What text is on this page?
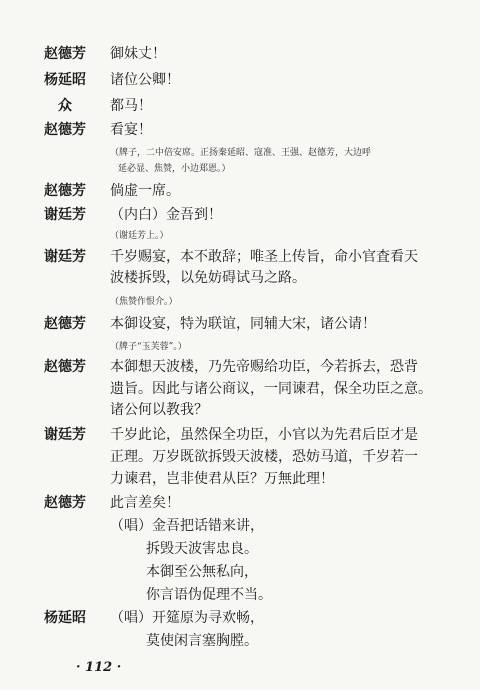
赵德芳 御妹丈！
杨延昭 诸位公卿！
众	都马！
赵德芳 看宴！
（牌子，二中倍安席。正扬秦延昭、寇准、王强、赵德芳，大边呼
延必显、焦赞，小边郑恩。）
赵德芳 倘虚一席。
谢廷芳 （内白）金吾到！
（谢廷芳上。）
谢廷芳 千岁赐宴，本不敢辞；唯圣上传旨，命小官査看天
波楼拆毁，以免妨碍试马之路。
（焦赞作恨介。）
赵德芳 本御设宴，特为联谊，同辅大宋，诸公请！
（牌子“玉芙蓉”。）
赵德芳 本御想天波楼，乃先帝赐给功臣，今若拆去，恐背
遗旨。因此与诸公商议，一同谏君，保全功臣之意。
诸公何以教我？
谢廷芳 千岁此论，虽然保全功臣，小官以为先君后臣才是
正理。万岁既欲拆毁天波楼，恐妨马道，千岁若一
力谏君，岂非使君从臣？万無此理！
赵德芳 此言差矣！
（唱）金吾把话错来讲，
拆毁天波害忠良。
本御至公無私向，
你言语伪促理不当。
杨延昭 （唱）开筵原为寻欢畅，
莫使闲言塞胸膛。
· 112 ·
